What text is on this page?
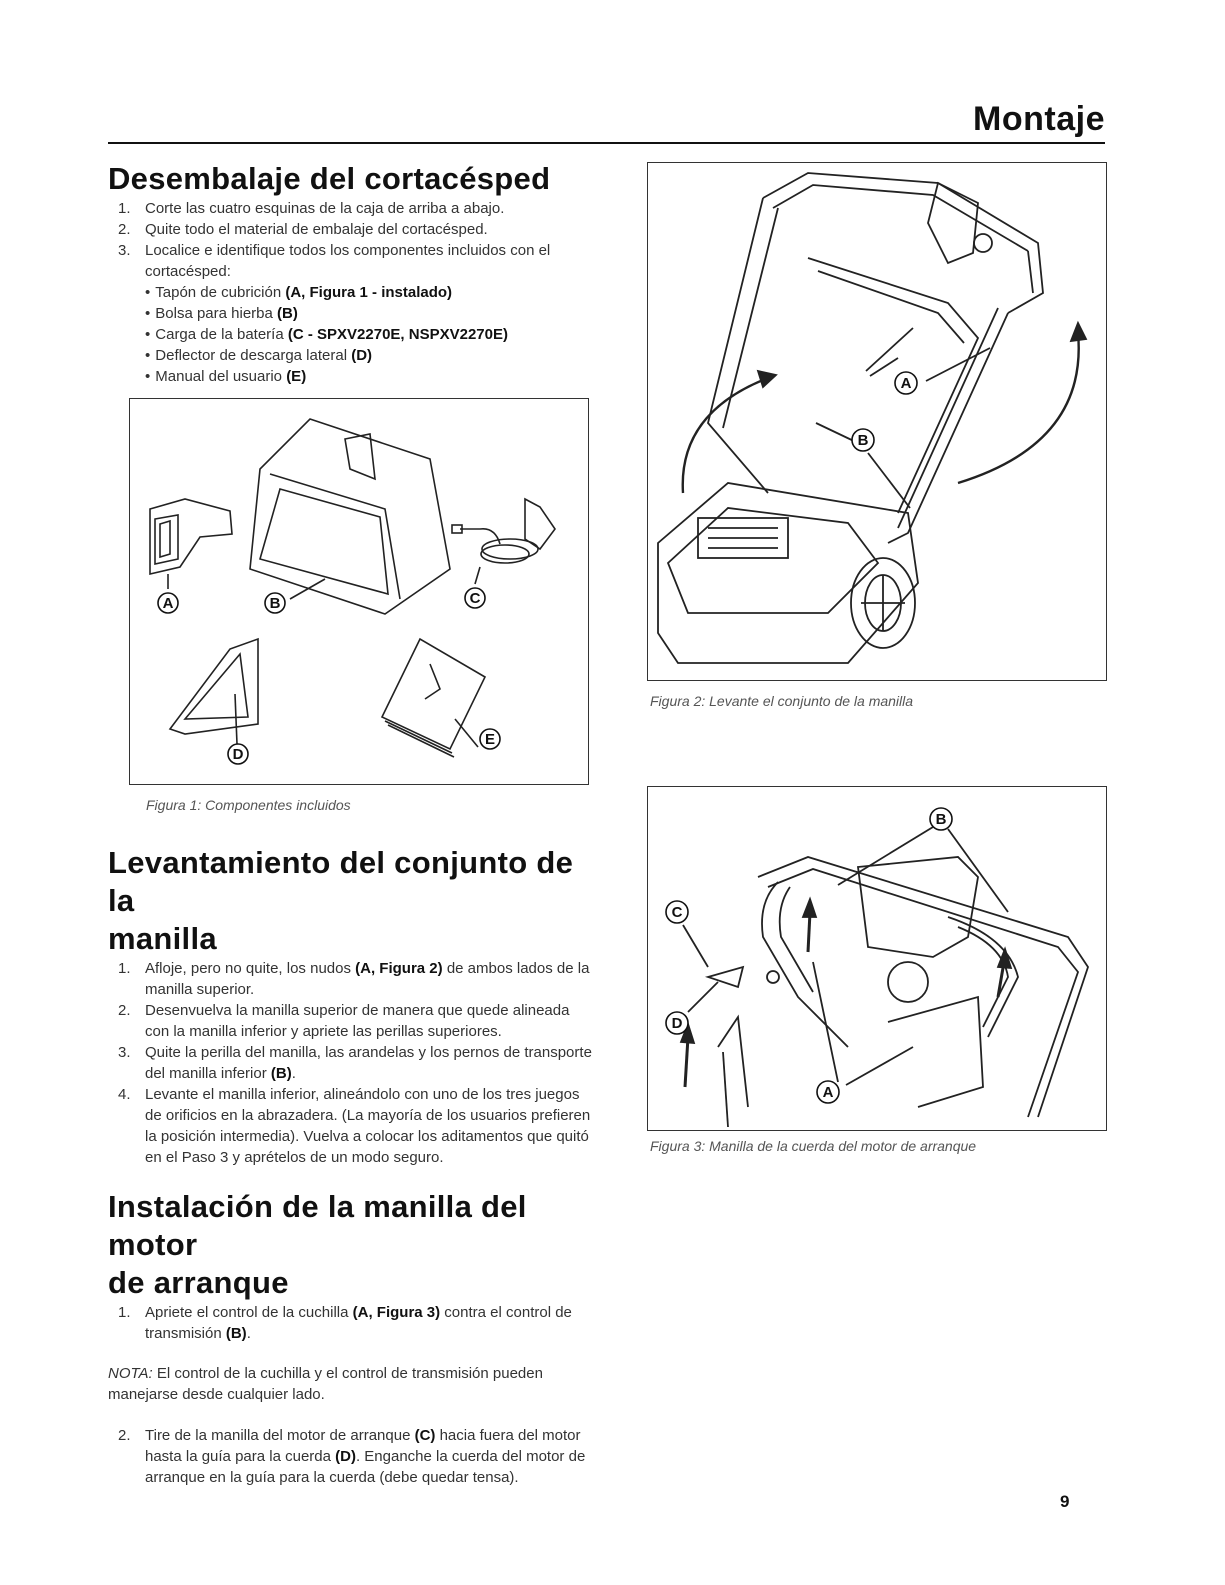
Montaje
Desembalaje del cortacésped
1. Corte las cuatro esquinas de la caja de arriba a abajo.
2. Quite todo el material de embalaje del cortacésped.
3. Localice e identifique todos los componentes incluidos con el cortacésped:
• Tapón de cubrición (A, Figura 1 - instalado)
• Bolsa para hierba (B)
• Carga de la batería (C - SPXV2270E, NSPXV2270E)
• Deflector de descarga lateral (D)
• Manual del usuario (E)
A	B	C
D
E
Figura 1: Componentes incluidos
Levantamiento del conjunto de la
manilla
1. Afloje, pero no quite, los nudos (A, Figura 2) de ambos lados de la manilla superior.
2. Desenvuelva la manilla superior de manera que quede alineada con la manilla inferior y apriete las perillas superiores.
3. Quite la perilla del manilla, las arandelas y los pernos de transporte del manilla inferior (B).
4. Levante el manilla inferior, alineándolo con uno de los tres juegos de orificios en la abrazadera. (La mayoría de los usuarios prefieren la posición intermedia). Vuelva a colocar los aditamentos que quitó en el Paso 3 y aprételos de un modo seguro.
Instalación de la manilla del motor
de arranque
1. Apriete el control de la cuchilla (A, Figura 3) contra el control de transmisión (B).
NOTA: El control de la cuchilla y el control de transmisión pueden manejarse desde cualquier lado.
2. Tire de la manilla del motor de arranque (C) hacia fuera del motor hasta la guía para la cuerda (D). Enganche la cuerda del motor de arranque en la guía para la cuerda (debe quedar tensa).
A
B
Figura 2: Levante el conjunto de la manilla
B
A
C
D
Figura 3: Manilla de la cuerda del motor de arranque
9
